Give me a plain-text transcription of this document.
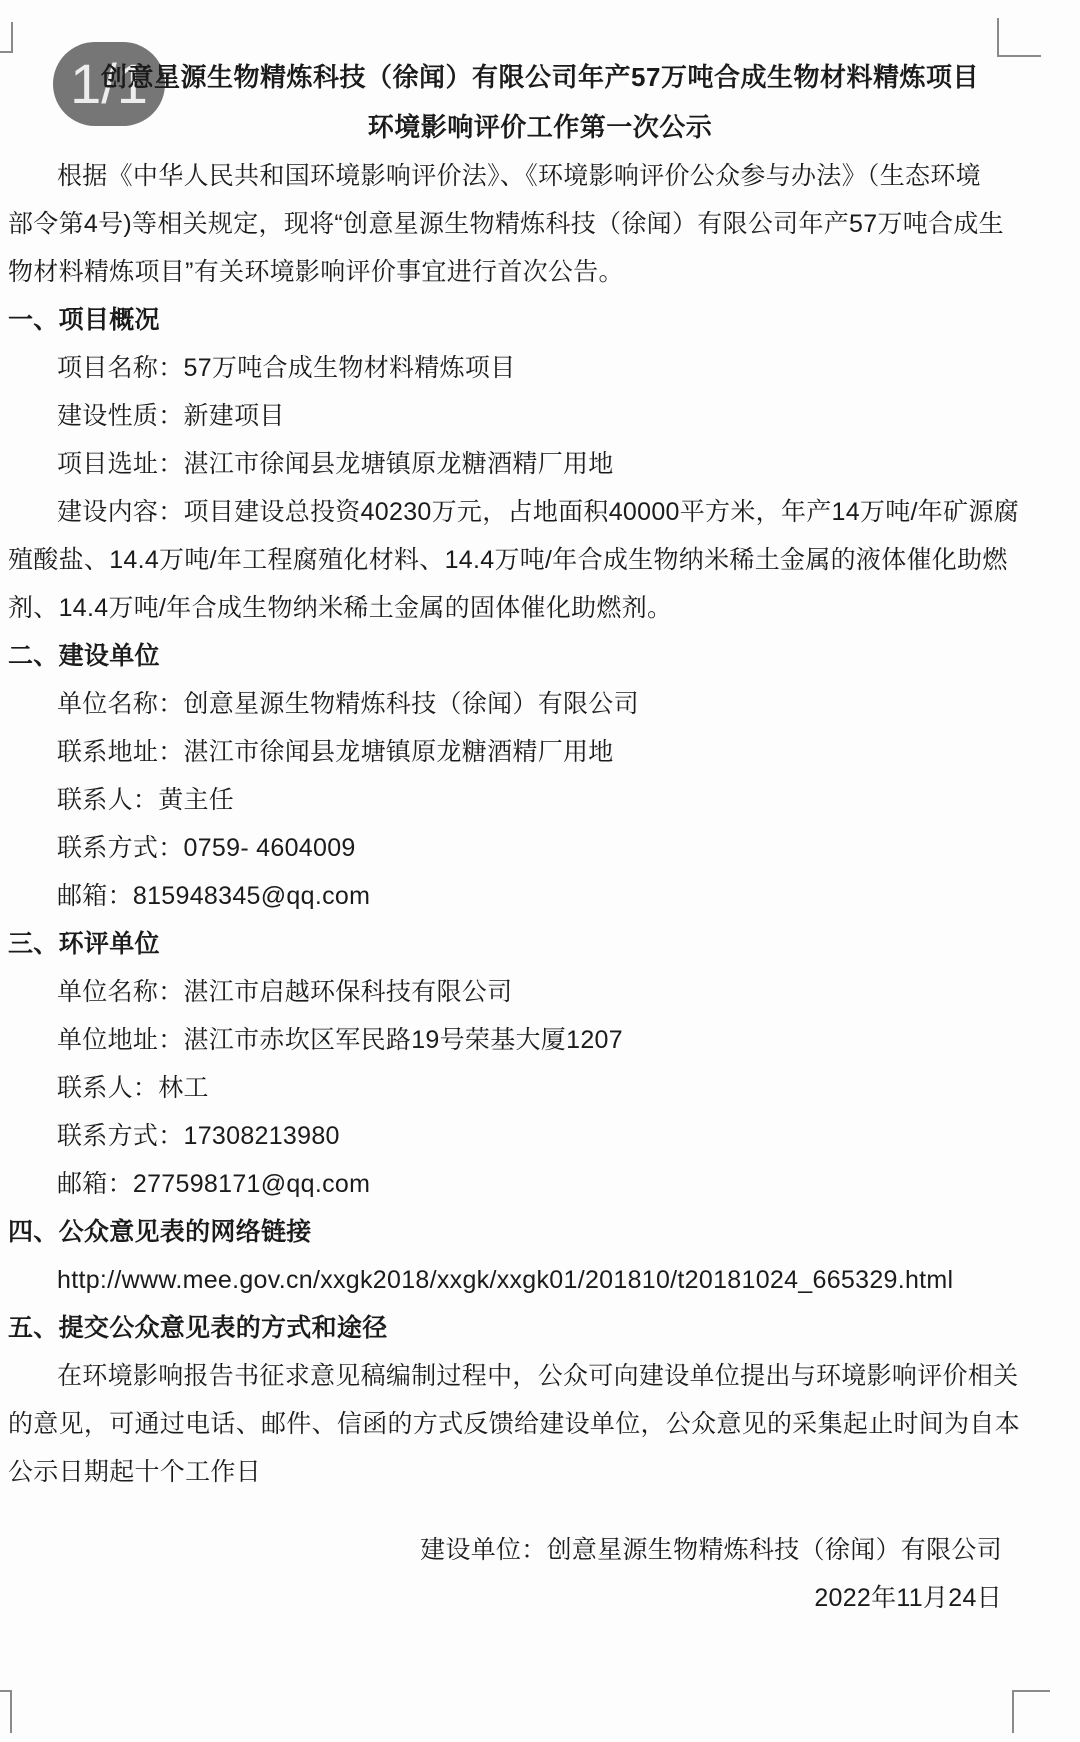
1/1
创意星源生物精炼科技（徐闻）有限公司年产57万吨合成生物材料精炼项目
环境影响评价工作第一次公示
根据《中华人民共和国环境影响评价法》、《环境影响评价公众参与办法》（生态环境
部令第4号)等相关规定，现将“创意星源生物精炼科技（徐闻）有限公司年产57万吨合成生
物材料精炼项目”有关环境影响评价事宜进行首次公告。
一、项目概况
项目名称：57万吨合成生物材料精炼项目
建设性质：新建项目
项目选址：湛江市徐闻县龙塘镇原龙糖酒精厂用地
建设内容：项目建设总投资40230万元，占地面积40000平方米，年产14万吨/年矿源腐
殖酸盐、14.4万吨/年工程腐殖化材料、14.4万吨/年合成生物纳米稀土金属的液体催化助燃
剂、14.4万吨/年合成生物纳米稀土金属的固体催化助燃剂。
二、建设单位
单位名称：创意星源生物精炼科技（徐闻）有限公司
联系地址：湛江市徐闻县龙塘镇原龙糖酒精厂用地
联系人：黄主任
联系方式：0759- 4604009
邮箱：815948345@qq.com
三、环评单位
单位名称：湛江市启越环保科技有限公司
单位地址：湛江市赤坎区军民路19号荣基大厦1207
联系人：林工
联系方式：17308213980
邮箱：277598171@qq.com
四、公众意见表的网络链接
http://www.mee.gov.cn/xxgk2018/xxgk/xxgk01/201810/t20181024_665329.html
五、提交公众意见表的方式和途径
在环境影响报告书征求意见稿编制过程中，公众可向建设单位提出与环境影响评价相关
的意见，可通过电话、邮件、信函的方式反馈给建设单位，公众意见的采集起止时间为自本
公示日期起十个工作日
建设单位：创意星源生物精炼科技（徐闻）有限公司
2022年11月24日
